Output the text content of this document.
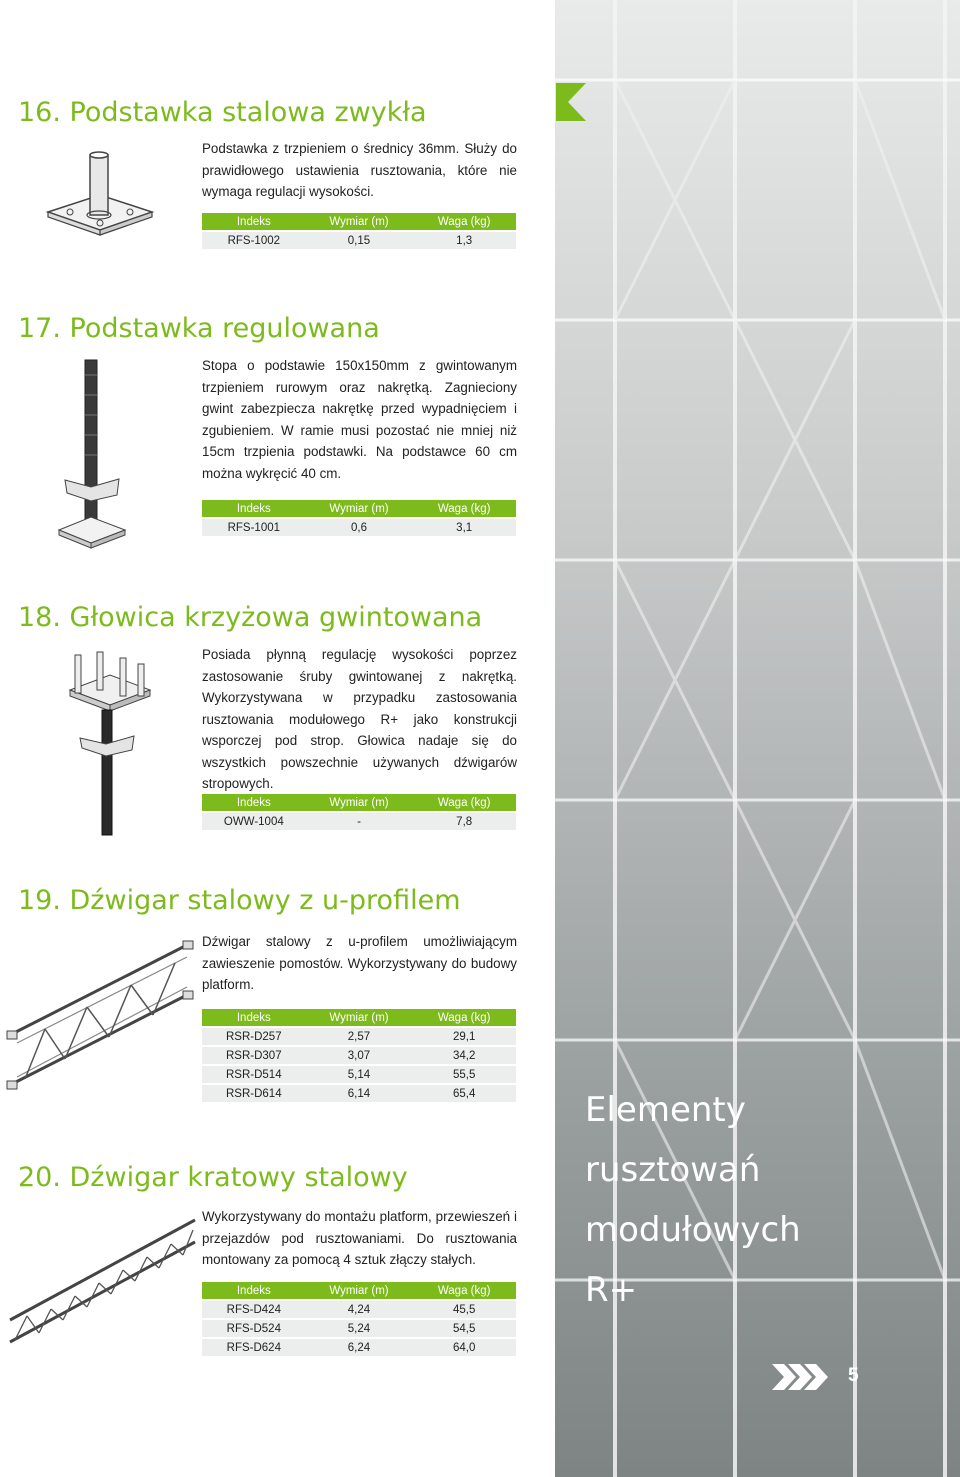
16. Podstawka stalowa zwykła

Podstawka z trzpieniem o średnicy 36mm. Służy do prawidłowego ustawienia rusztowania, które nie wymaga regulacji wysokości.

Indeks	Wymiar (m)	Waga (kg)
RFS-1002	0,15	1,3
17. Podstawka regulowana

Stopa o podstawie 150x150mm z gwintowanym trzpieniem rurowym oraz nakrętką. Zagnieciony gwint zabezpiecza nakrętkę przed wypadnięciem i zgubieniem. W ramie musi pozostać nie mniej niż 15cm trzpienia podstawki. Na podstawce 60 cm można wykręcić 40 cm.

Indeks	Wymiar (m)	Waga (kg)
RFS-1001	0,6	3,1
18. Głowica krzyżowa gwintowana

Posiada płynną regulację wysokości poprzez zastosowanie śruby gwintowanej z nakrętką. Wykorzystywana w przypadku zastosowania rusztowania modułowego R+ jako konstrukcji wsporczej pod strop. Głowica nadaje się do wszystkich powszechnie używanych dźwigarów stropowych.

Indeks	Wymiar (m)	Waga (kg)
OWW-1004	-	7,8
19. Dźwigar stalowy z u-profilem

Dźwigar stalowy z u-profilem umożliwiającym zawieszenie pomostów. Wykorzystywany do budowy platform.

Indeks	Wymiar (m)	Waga (kg)
RSR-D257	2,57	29,1
RSR-D307	3,07	34,2
RSR-D514	5,14	55,5
RSR-D614	6,14	65,4
20. Dźwigar kratowy stalowy

Wykorzystywany do montażu platform, przewieszeń i przejazdów pod rusztowaniami. Do rusztowania montowany za pomocą 4 sztuk złączy stałych.

Indeks	Wymiar (m)	Waga (kg)
RFS-D424	4,24	45,5
RFS-D524	5,24	54,5
RFS-D624	6,24	64,0
Elementy
rusztowań
modułowych
R+
5
